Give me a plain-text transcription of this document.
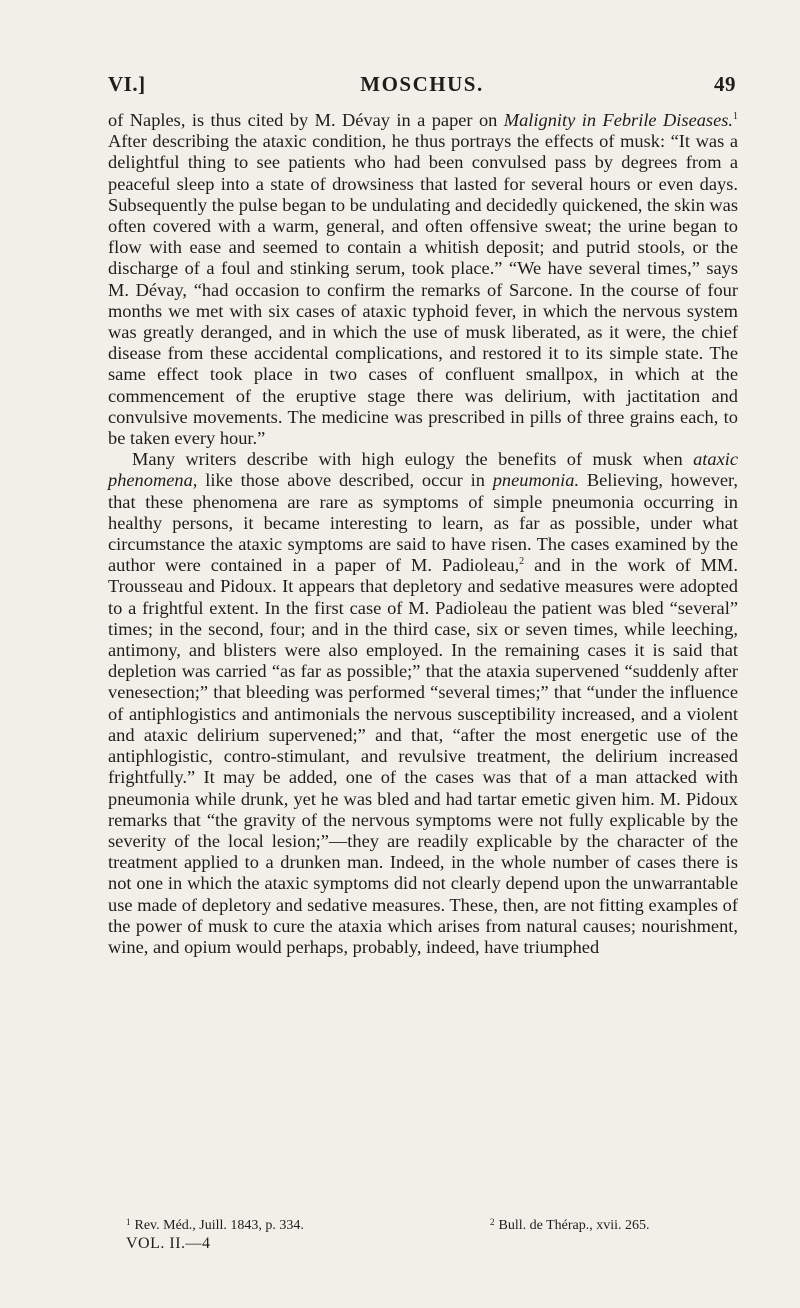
VI.]	MOSCHUS.	49

of Naples, is thus cited by M. Dévay in a paper on Malignity in Febrile Diseases.$^1$ After describing the ataxic condition, he thus portrays the effects of musk: “It was a delightful thing to see patients who had been convulsed pass by degrees from a peaceful sleep into a state of drowsiness that lasted for several hours or even days. Subsequently the pulse began to be undulating and decidedly quickened, the skin was often covered with a warm, general, and often offensive sweat; the urine began to flow with ease and seemed to contain a whitish deposit; and putrid stools, or the discharge of a foul and stinking serum, took place.” “We have several times,” says M. Dévay, “had occasion to confirm the remarks of Sarcone. In the course of four months we met with six cases of ataxic typhoid fever, in which the nervous system was greatly deranged, and in which the use of musk liberated, as it were, the chief disease from these accidental complications, and restored it to its simple state. The same effect took place in two cases of confluent smallpox, in which at the commencement of the eruptive stage there was delirium, with jactitation and convulsive movements. The medicine was prescribed in pills of three grains each, to be taken every hour.”

Many writers describe with high eulogy the benefits of musk when ataxic phenomena, like those above described, occur in pneumonia. Believing, however, that these phenomena are rare as symptoms of simple pneumonia occurring in healthy persons, it became interesting to learn, as far as possible, under what circumstance the ataxic symptoms are said to have risen. The cases examined by the author were contained in a paper of M. Padioleau,$^2$ and in the work of MM. Trousseau and Pidoux. It appears that depletory and sedative measures were adopted to a frightful extent. In the first case of M. Padioleau the patient was bled “several” times; in the second, four; and in the third case, six or seven times, while leeching, antimony, and blisters were also employed. In the remaining cases it is said that depletion was carried “as far as possible;” that the ataxia supervened “suddenly after venesection;” that bleeding was performed “several times;” that “under the influence of antiphlogistics and antimonials the nervous susceptibility increased, and a violent and ataxic delirium supervened;” and that, “after the most energetic use of the antiphlogistic, contro-stimulant, and revulsive treatment, the delirium increased frightfully.” It may be added, one of the cases was that of a man attacked with pneumonia while drunk, yet he was bled and had tartar emetic given him. M. Pidoux remarks that “the gravity of the nervous symptoms were not fully explicable by the severity of the local lesion;”—they are readily explicable by the character of the treatment applied to a drunken man. Indeed, in the whole number of cases there is not one in which the ataxic symptoms did not clearly depend upon the unwarrantable use made of depletory and sedative measures. These, then, are not fitting examples of the power of musk to cure the ataxia which arises from natural causes; nourishment, wine, and opium would perhaps, probably, indeed, have triumphed

$^1$ Rev. Méd., Juill. 1843, p. 334.	$^2$ Bull. de Thérap., xvii. 265.
VOL. II.—4
